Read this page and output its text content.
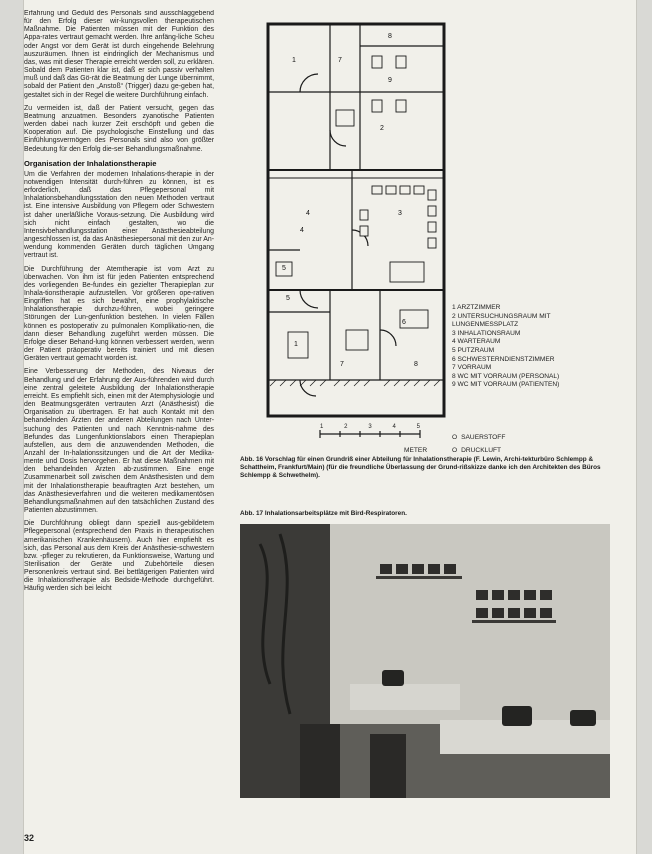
Erfahrung und Geduld des Personals sind ausschlaggebend für den Erfolg dieser wir-kungsvollen therapeutischen Maßnahme. Die Patienten müssen mit der Funktion des Appa-rates vertraut gemacht werden. Ihre anfäng-liche Scheu oder Angst vor dem Gerät ist durch eingehende Belehrung auszuräumen. Ihnen ist eindringlich der Mechanismus und das, was mit dieser Therapie erreicht werden soll, zu erklären. Sobald dem Patienten klar ist, daß er sich passiv verhalten muß und daß das Gö-rät die Beatmung der Lunge übernimmt, sobald der Patient den „Anstoß“ (Trigger) dazu ge-geben hat, gestaltet sich in der Regel die weitere Durchführung einfach.

Zu vermeiden ist, daß der Patient versucht, gegen das Beatmung anzuatmen. Besonders zyanotische Patienten werden dabei nach kurzer Zeit erschöpft und geben die Kooperation auf. Die psychologische Einstellung und das Einfühlungsvermögen des Personals sind also von größter Bedeutung für den Erfolg die-ser Behandlungsmaßnahme.

Organisation der Inhalationstherapie

Um die Verfahren der modernen Inhalations-therapie in der notwendigen Intensität durch-führen zu können, ist es erforderlich, daß das Pflegepersonal mit Inhalationsbehandlungsstation den neuen Methoden vertraut ist. Eine intensive Ausbildung von Pflegern oder Schwestern ist daher unerläßliche Voraus-setzung. Die Ausbildung wird sich nicht einfach gestalten, wo die Intensivbehandlungsstation einer Anästhesieabteilung angeschlossen ist, da das Anästhesiepersonal mit den zur An-wendung kommenden Geräten durch täglichen Umgang vertraut ist.

Die Durchführung der Atemtherapie ist vom Arzt zu überwachen. Von ihm ist für jeden Patienten entsprechend des vorliegenden Be-fundes ein gezielter Therapieplan zur Inhala-tionstherapie aufzustellen. Vor größeren ope-rativen Eingriffen hat es sich bewährt, eine prophylaktische Inhalationstherapie durchzu-führen, wobei geringere Störungen der Lun-genfunktion bestehen. In vielen Fällen können es postoperativ zu pulmonalen Komplikatio-nen, die dann dieser Behandlung zugeführt werden müssen. Die Erfolge dieser Behand-lung können verbessert werden, wenn der Patient präoperativ bereits trainiert und mit diesen Geräten vertraut gemacht worden ist.

Eine Verbesserung der Methoden, des Niveaus der Behandlung und der Erfahrung der Aus-führenden wird durch eine zentral geleitete Ausbildung der Inhalationstherapie erreicht. Es empfiehlt sich, einen mit der Atemphysiologie und den Beatmungsgeräten vertrauten Arzt (Anästhesist) die Organisation zu übertragen. Er hat auch Kontakt mit den behandelnden Ärzten der anderen Abteilungen nach Unter-suchung des Patienten und nach Kenntnis-nahme des Befundes das Lungenfunktionslabors einen Therapieplan aufstellen, aus dem die anzuwendenden Methoden, die Anzahl der In-halationssitzungen und die Art der Medika-mente und Dosis hervorgehen. Er hat diese Maßnahmen mit den behandelnden Ärzten ab-zustimmen. Eine enge Zusammenarbeit soll zwischen dem Anästhesisten und dem mit der Inhalationstherapie beauftragten Arzt bestehen, um das Anästhesieverfahren und die weiteren medikamentösen Behandlungsmaßnahmen auf den tatsächlichen Zustand des Patienten abzustimmen.

Die Durchführung obliegt dann speziell aus-gebildetem Pflegepersonal (entsprechend den Praxis in therapeutischen amerikanischen Krankenhäusern). Auch hier empfiehlt es sich, das Personal aus dem Kreis der Anästhesie-schwestern bzw. -pfleger zu rekrutieren, da Funktionsweise, Wartung und Sterilisation der Geräte und Zubehörteile diesen Personenkreis vertraut sind. Bei bettlägerigen Patienten wird die Inhalationstherapie als Bedside-Methode durchgeführt. Häufig werden sich bei leicht

32
1
2
3
4
5
6
7
8
9
1
4
5
7	8
1	2	3	4	5
METER
1 ARZTZIMMER
2 UNTERSUCHUNGSRAUM MIT
LUNGENMESSPLATZ
3 INHALATIONSRAUM
4 WARTERAUM
5 PUTZRAUM
6 SCHWESTERNDIENSTZIMMER
7 VORRAUM
8 WC MIT VORRAUM (PERSONAL)
9 WC MIT VORRAUM (PATIENTEN)
O SAUERSTOFF
O DRUCKLUFT
Abb. 16 Vorschlag für einen Grundriß einer Abteilung für Inhalationstherapie (F. Lewin, Archi-tekturbüro Schlempp & Schattheim, Frankfurt/Main) (für die freundliche Überlassung der Grund-rißskizze danke ich den Architekten des Büros Schlempp & Schwethelm).
Abb. 17 Inhalationsarbeitsplätze mit Bird-Respiratoren.
